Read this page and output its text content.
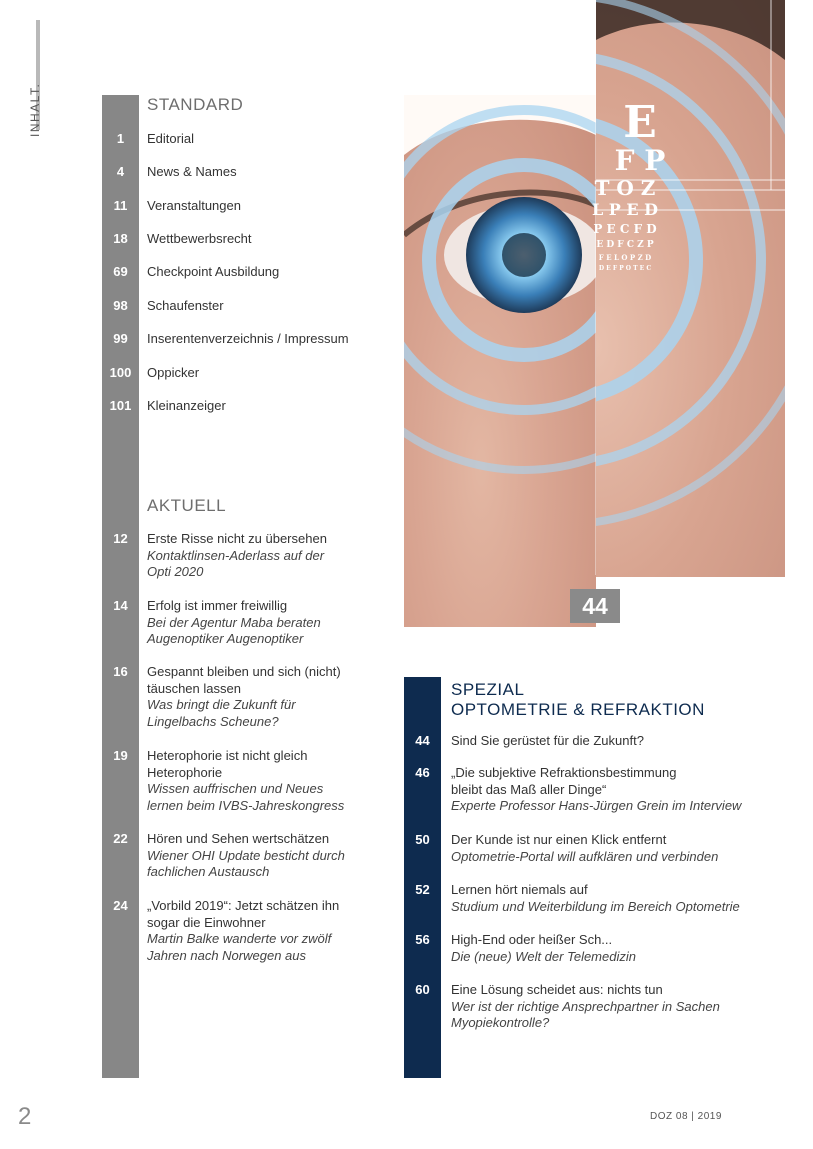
INHALT.	STANDARD
1	Editorial
4	News & Names
11	Veranstaltungen
18	Wettbewerbsrecht
69	Checkpoint Ausbildung
98	Schaufenster
99	Inserentenverzeichnis / Impressum
100	Oppicker
101	Kleinanzeiger
AKTUELL
12	Erste Risse nicht zu übersehen
Kontaktlinsen-Aderlass auf der Opti 2020
14	Erfolg ist immer freiwillig
Bei der Agentur Maba beraten Augenoptiker Augenoptiker
16	Gespannt bleiben und sich (nicht) täuschen lassen
Was bringt die Zukunft für Lingelbachs Scheune?
19	Heterophorie ist nicht gleich Heterophorie
Wissen auffrischen und Neues lernen beim IVBS-Jahreskongress
22	Hören und Sehen wertschätzen
Wiener OHI Update besticht durch fachlichen Austausch
24	„Vorbild 2019“: Jetzt schätzen ihn sogar die Einwohner
Martin Balke wanderte vor zwölf Jahren nach Norwegen aus
E
F P
T O Z
L P E D
P E C F D
E D F C Z P
F E L O P Z D
D E F P O T E C
44
SPEZIAL
OPTOMETRIE & REFRAKTION
44	Sind Sie gerüstet für die Zukunft?
46	„Die subjektive Refraktionsbestimmung bleibt das Maß aller Dinge“
Experte Professor Hans-Jürgen Grein im Interview
50	Der Kunde ist nur einen Klick entfernt
Optometrie-Portal will aufklären und verbinden
52	Lernen hört niemals auf
Studium und Weiterbildung im Bereich Optometrie
56	High-End oder heißer Sch...
Die (neue) Welt der Telemedizin
60	Eine Lösung scheidet aus: nichts tun
Wer ist der richtige Ansprechpartner in Sachen Myopiekontrolle?
2	DOZ 08 | 2019
